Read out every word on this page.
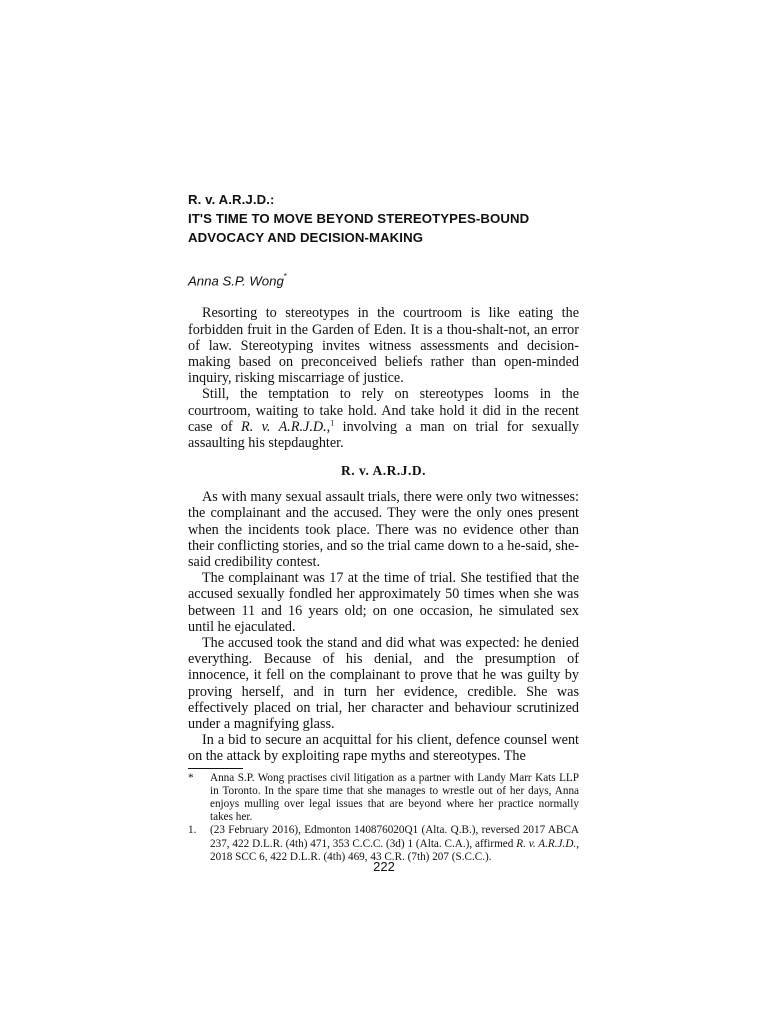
R. v. A.R.J.D.:
IT'S TIME TO MOVE BEYOND STEREOTYPES-BOUND
ADVOCACY AND DECISION-MAKING
Anna S.P. Wong*

Resorting to stereotypes in the courtroom is like eating the forbidden fruit in the Garden of Eden. It is a thou-shalt-not, an error of law. Stereotyping invites witness assessments and decision-making based on preconceived beliefs rather than open-minded inquiry, risking miscarriage of justice.

Still, the temptation to rely on stereotypes looms in the courtroom, waiting to take hold. And take hold it did in the recent case of R. v. A.R.J.D.,$^1$ involving a man on trial for sexually assaulting his stepdaughter.

R. v. A.R.J.D.

As with many sexual assault trials, there were only two witnesses: the complainant and the accused. They were the only ones present when the incidents took place. There was no evidence other than their conflicting stories, and so the trial came down to a he-said, she-said credibility contest.

The complainant was 17 at the time of trial. She testified that the accused sexually fondled her approximately 50 times when she was between 11 and 16 years old; on one occasion, he simulated sex until he ejaculated.

The accused took the stand and did what was expected: he denied everything. Because of his denial, and the presumption of innocence, it fell on the complainant to prove that he was guilty by proving herself, and in turn her evidence, credible. She was effectively placed on trial, her character and behaviour scrutinized under a magnifying glass.

In a bid to secure an acquittal for his client, defence counsel went on the attack by exploiting rape myths and stereotypes. The

*	Anna S.P. Wong practises civil litigation as a partner with Landy Marr Kats LLP in Toronto. In the spare time that she manages to wrestle out of her days, Anna enjoys mulling over legal issues that are beyond where her practice normally takes her.
1.	(23 February 2016), Edmonton 140876020Q1 (Alta. Q.B.), reversed 2017 ABCA 237, 422 D.L.R. (4th) 471, 353 C.C.C. (3d) 1 (Alta. C.A.), affirmed R. v. A.R.J.D., 2018 SCC 6, 422 D.L.R. (4th) 469, 43 C.R. (7th) 207 (S.C.C.).
222
